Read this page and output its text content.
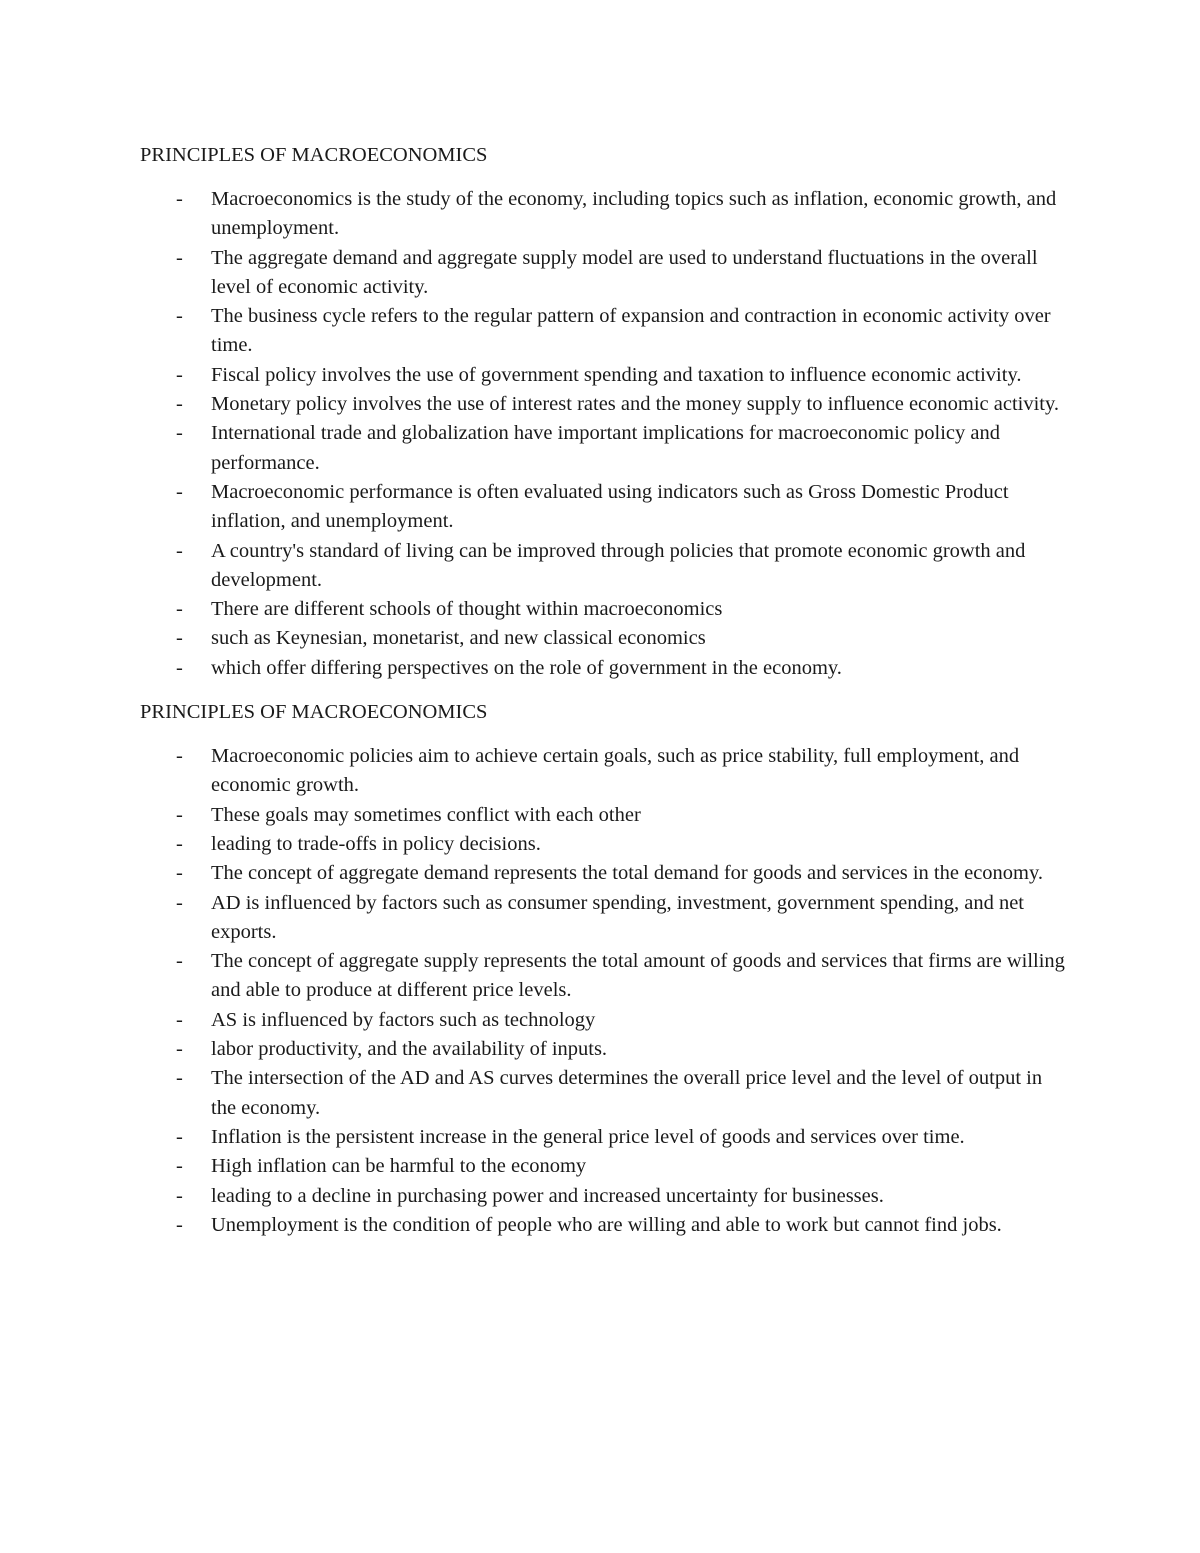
PRINCIPLES OF MACROECONOMICS
- Macroeconomics is the study of the economy, including topics such as inflation, economic growth, and unemployment.
- The aggregate demand and aggregate supply model are used to understand fluctuations in the overall level of economic activity.
- The business cycle refers to the regular pattern of expansion and contraction in economic activity over time.
- Fiscal policy involves the use of government spending and taxation to influence economic activity.
- Monetary policy involves the use of interest rates and the money supply to influence economic activity.
- International trade and globalization have important implications for macroeconomic policy and performance.
- Macroeconomic performance is often evaluated using indicators such as Gross Domestic Product inflation, and unemployment.
- A country's standard of living can be improved through policies that promote economic growth and development.
- There are different schools of thought within macroeconomics
- such as Keynesian, monetarist, and new classical economics
- which offer differing perspectives on the role of government in the economy.
PRINCIPLES OF MACROECONOMICS
- Macroeconomic policies aim to achieve certain goals, such as price stability, full employment, and economic growth.
- These goals may sometimes conflict with each other
- leading to trade-offs in policy decisions.
- The concept of aggregate demand represents the total demand for goods and services in the economy.
- AD is influenced by factors such as consumer spending, investment, government spending, and net exports.
- The concept of aggregate supply represents the total amount of goods and services that firms are willing and able to produce at different price levels.
- AS is influenced by factors such as technology
- labor productivity, and the availability of inputs.
- The intersection of the AD and AS curves determines the overall price level and the level of output in the economy.
- Inflation is the persistent increase in the general price level of goods and services over time.
- High inflation can be harmful to the economy
- leading to a decline in purchasing power and increased uncertainty for businesses.
- Unemployment is the condition of people who are willing and able to work but cannot find jobs.
